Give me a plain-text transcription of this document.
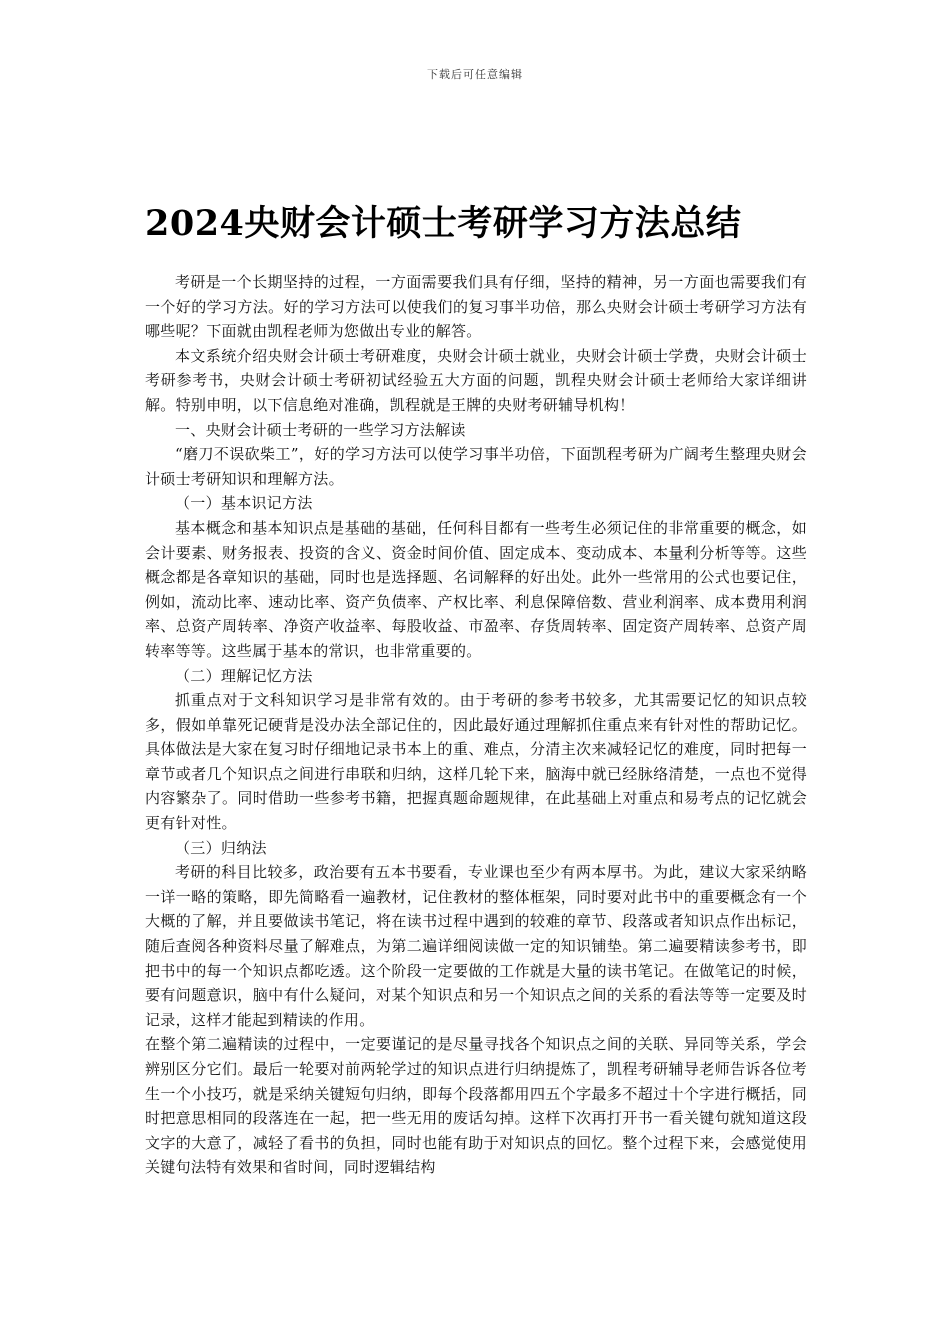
下载后可任意编辑
2024央财会计硕士考研学习方法总结

考研是一个长期坚持的过程，一方面需要我们具有仔细，坚持的精神，另一方面也需要我们有一个好的学习方法。好的学习方法可以使我们的复习事半功倍，那么央财会计硕士考研学习方法有哪些呢？下面就由凯程老师为您做出专业的解答。

本文系统介绍央财会计硕士考研难度，央财会计硕士就业，央财会计硕士学费，央财会计硕士考研参考书，央财会计硕士考研初试经验五大方面的问题，凯程央财会计硕士老师给大家详细讲解。特别申明，以下信息绝对准确，凯程就是王牌的央财考研辅导机构！

一、央财会计硕士考研的一些学习方法解读

“磨刀不误砍柴工”，好的学习方法可以使学习事半功倍，下面凯程考研为广阔考生整理央财会计硕士考研知识和理解方法。

（一）基本识记方法

基本概念和基本知识点是基础的基础，任何科目都有一些考生必须记住的非常重要的概念，如会计要素、财务报表、投资的含义、资金时间价值、固定成本、变动成本、本量利分析等等。这些概念都是各章知识的基础，同时也是选择题、名词解释的好出处。此外一些常用的公式也要记住，例如，流动比率、速动比率、资产负债率、产权比率、利息保障倍数、营业利润率、成本费用利润率、总资产周转率、净资产收益率、每股收益、市盈率、存货周转率、固定资产周转率、总资产周转率等等。这些属于基本的常识，也非常重要的。

（二）理解记忆方法

抓重点对于文科知识学习是非常有效的。由于考研的参考书较多，尤其需要记忆的知识点较多，假如单靠死记硬背是没办法全部记住的，因此最好通过理解抓住重点来有针对性的帮助记忆。具体做法是大家在复习时仔细地记录书本上的重、难点，分清主次来减轻记忆的难度，同时把每一章节或者几个知识点之间进行串联和归纳，这样几轮下来，脑海中就已经脉络清楚，一点也不觉得内容繁杂了。同时借助一些参考书籍，把握真题命题规律，在此基础上对重点和易考点的记忆就会更有针对性。

（三）归纳法

考研的科目比较多，政治要有五本书要看，专业课也至少有两本厚书。为此，建议大家采纳略一详一略的策略，即先简略看一遍教材，记住教材的整体框架，同时要对此书中的重要概念有一个大概的了解，并且要做读书笔记，将在读书过程中遇到的较难的章节、段落或者知识点作出标记，随后查阅各种资料尽量了解难点，为第二遍详细阅读做一定的知识铺垫。第二遍要精读参考书，即把书中的每一个知识点都吃透。这个阶段一定要做的工作就是大量的读书笔记。在做笔记的时候，要有问题意识，脑中有什么疑问，对某个知识点和另一个知识点之间的关系的看法等等一定要及时记录，这样才能起到精读的作用。

在整个第二遍精读的过程中，一定要谨记的是尽量寻找各个知识点之间的关联、异同等关系，学会辨别区分它们。最后一轮要对前两轮学过的知识点进行归纳提炼了，凯程考研辅导老师告诉各位考生一个小技巧，就是采纳关键短句归纳，即每个段落都用四五个字最多不超过十个字进行概括，同时把意思相同的段落连在一起，把一些无用的废话勾掉。这样下次再打开书一看关键句就知道这段文字的大意了，减轻了看书的负担，同时也能有助于对知识点的回忆。整个过程下来，会感觉使用关键句法特有效果和省时间，同时逻辑结构
